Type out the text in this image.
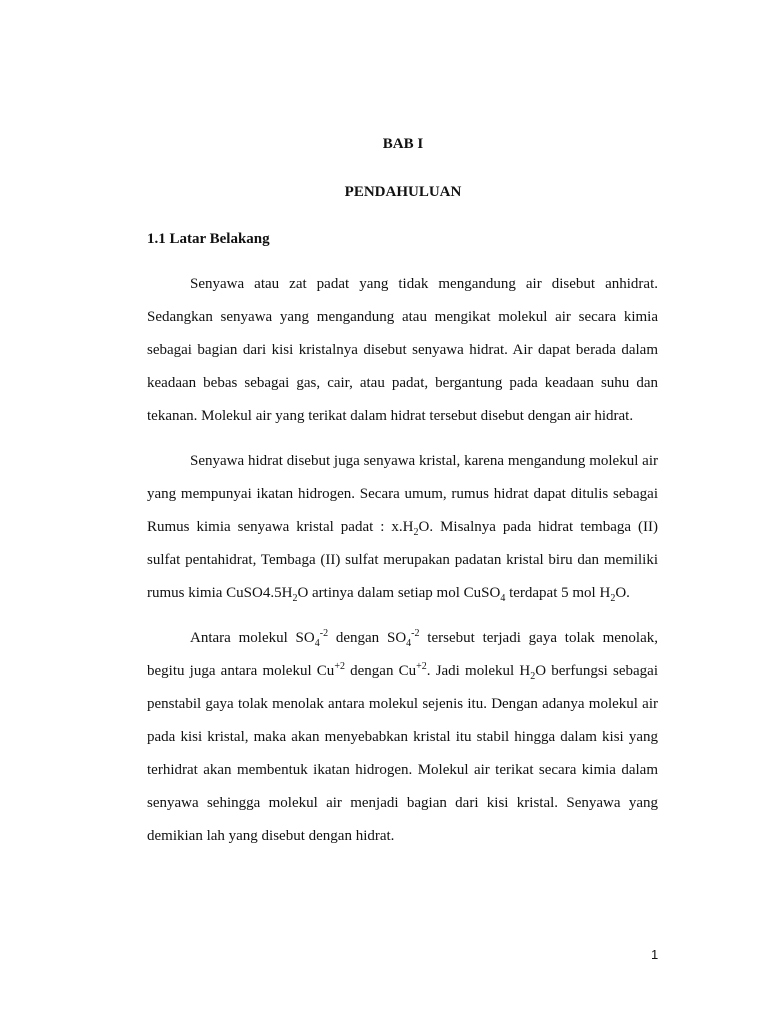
BAB I

PENDAHULUAN

1.1 Latar Belakang

Senyawa atau zat padat yang tidak mengandung air disebut anhidrat. Sedangkan senyawa yang mengandung atau mengikat molekul air secara kimia sebagai bagian dari kisi kristalnya disebut senyawa hidrat. Air dapat berada dalam keadaan bebas sebagai gas, cair, atau padat, bergantung pada keadaan suhu dan tekanan. Molekul air yang terikat dalam hidrat tersebut disebut dengan air hidrat.

Senyawa hidrat disebut juga senyawa kristal, karena mengandung molekul air yang mempunyai ikatan hidrogen. Secara umum, rumus hidrat dapat ditulis sebagai Rumus kimia senyawa kristal padat : $x.H_2O$. Misalnya pada hidrat tembaga (II) sulfat pentahidrat, Tembaga (II) sulfat merupakan padatan kristal biru dan memiliki rumus kimia $CuSO4.5H_2O$ artinya dalam setiap mol CuSO$_4$ terdapat 5 mol $H_2O$.

Antara molekul $SO_4^{-2}$ dengan $SO_4^{-2}$ tersebut terjadi gaya tolak menolak, begitu juga antara molekul $Cu^{+2}$ dengan $Cu^{+2}$. Jadi molekul $H_2O$ berfungsi sebagai penstabil gaya tolak menolak antara molekul sejenis itu. Dengan adanya molekul air pada kisi kristal, maka akan menyebabkan kristal itu stabil hingga dalam kisi yang terhidrat akan membentuk ikatan hidrogen. Molekul air terikat secara kimia dalam senyawa sehingga molekul air menjadi bagian dari kisi kristal. Senyawa yang demikian lah yang disebut dengan hidrat.

1
